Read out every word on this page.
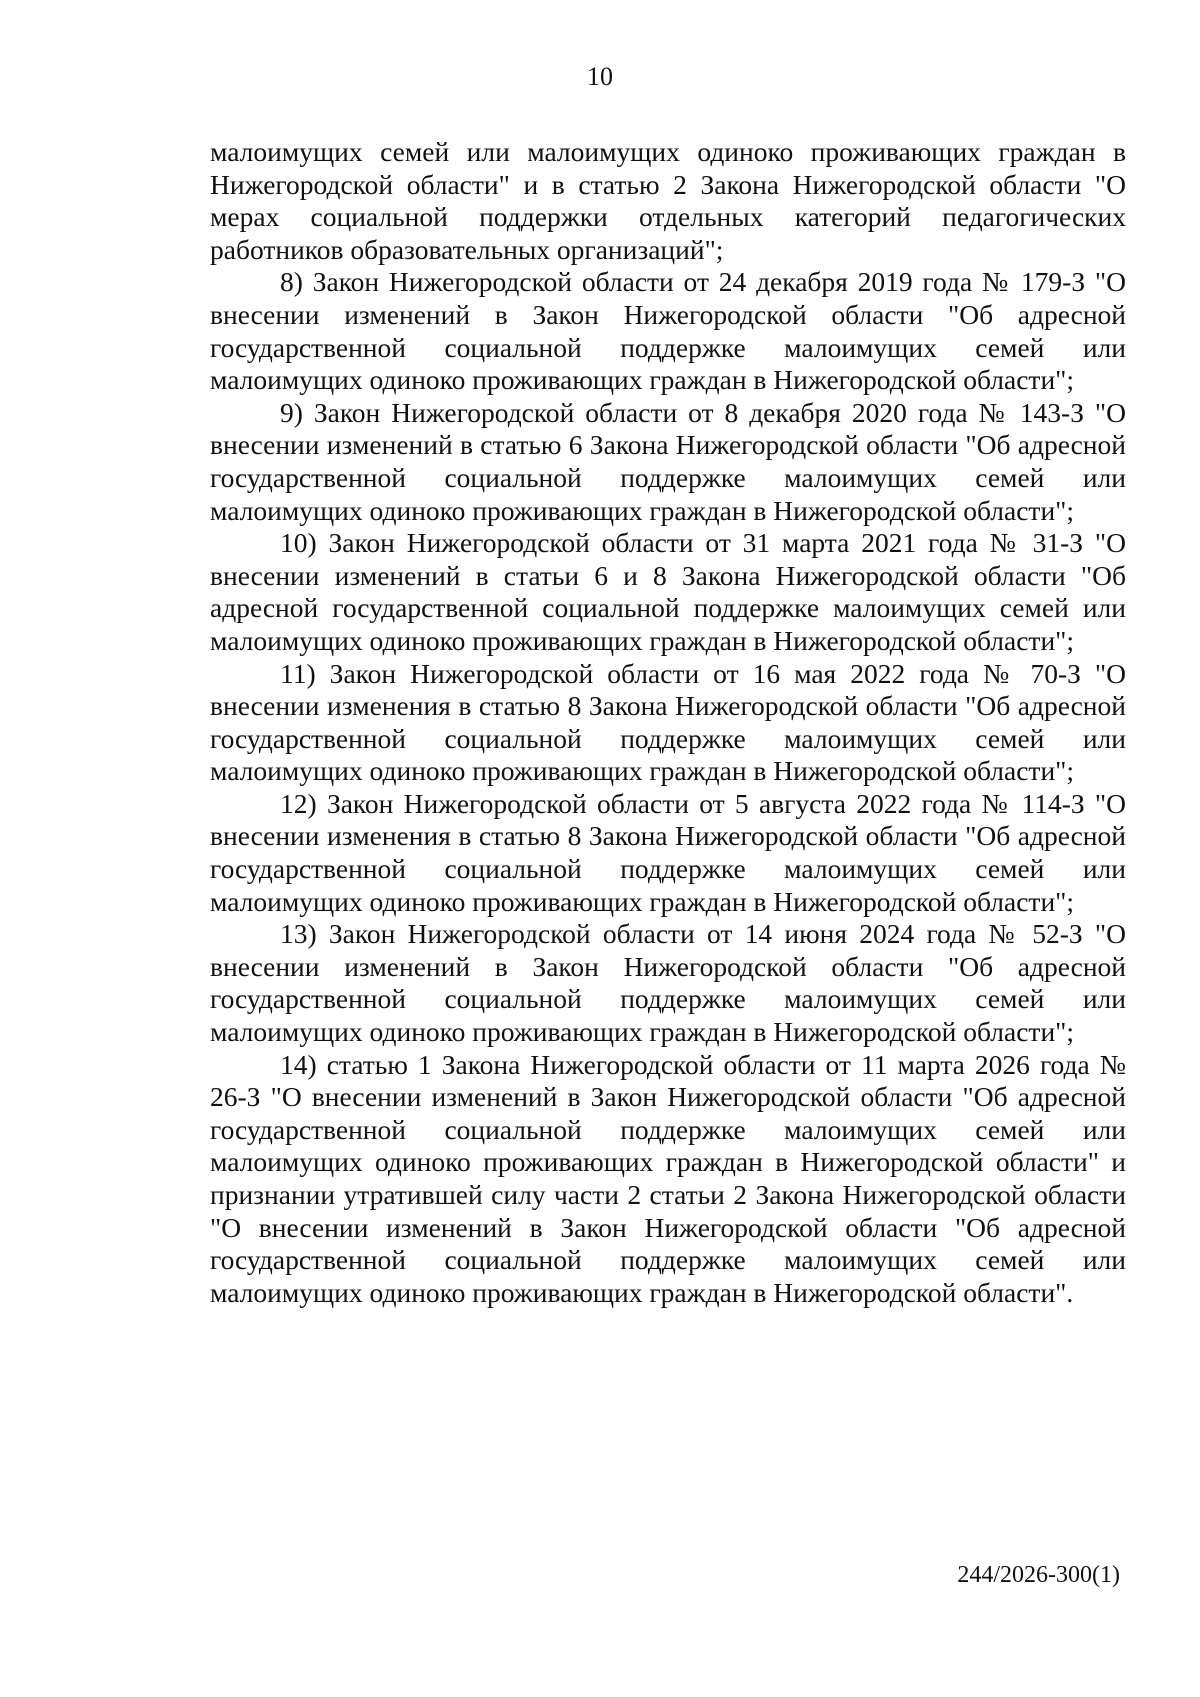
10

малоимущих семей или малоимущих одиноко проживающих граждан в Нижегородской области" и в статью 2 Закона Нижегородской области "О мерах социальной поддержки отдельных категорий педагогических работников образовательных организаций";

8) Закон Нижегородской области от 24 декабря 2019 года № 179-З "О внесении изменений в Закон Нижегородской области "Об адресной государственной социальной поддержке малоимущих семей или малоимущих одиноко проживающих граждан в Нижегородской области";

9) Закон Нижегородской области от 8 декабря 2020 года № 143-З "О внесении изменений в статью 6 Закона Нижегородской области "Об адресной государственной социальной поддержке малоимущих семей или малоимущих одиноко проживающих граждан в Нижегородской области";

10) Закон Нижегородской области от 31 марта 2021 года № 31-З "О внесении изменений в статьи 6 и 8 Закона Нижегородской области "Об адресной государственной социальной поддержке малоимущих семей или малоимущих одиноко проживающих граждан в Нижегородской области";

11) Закон Нижегородской области от 16 мая 2022 года № 70-З "О внесении изменения в статью 8 Закона Нижегородской области "Об адресной государственной социальной поддержке малоимущих семей или малоимущих одиноко проживающих граждан в Нижегородской области";

12) Закон Нижегородской области от 5 августа 2022 года № 114-З "О внесении изменения в статью 8 Закона Нижегородской области "Об адресной государственной социальной поддержке малоимущих семей или малоимущих одиноко проживающих граждан в Нижегородской области";

13) Закон Нижегородской области от 14 июня 2024 года № 52-З "О внесении изменений в Закон Нижегородской области "Об адресной государственной социальной поддержке малоимущих семей или малоимущих одиноко проживающих граждан в Нижегородской области";

14) статью 1 Закона Нижегородской области от 11 марта 2026 года № 26-З "О внесении изменений в Закон Нижегородской области "Об адресной государственной социальной поддержке малоимущих семей или малоимущих одиноко проживающих граждан в Нижегородской области" и признании утратившей силу части 2 статьи 2 Закона Нижегородской области "О внесении изменений в Закон Нижегородской области "Об адресной государственной социальной поддержке малоимущих семей или малоимущих одиноко проживающих граждан в Нижегородской области".

244/2026-300(1)
